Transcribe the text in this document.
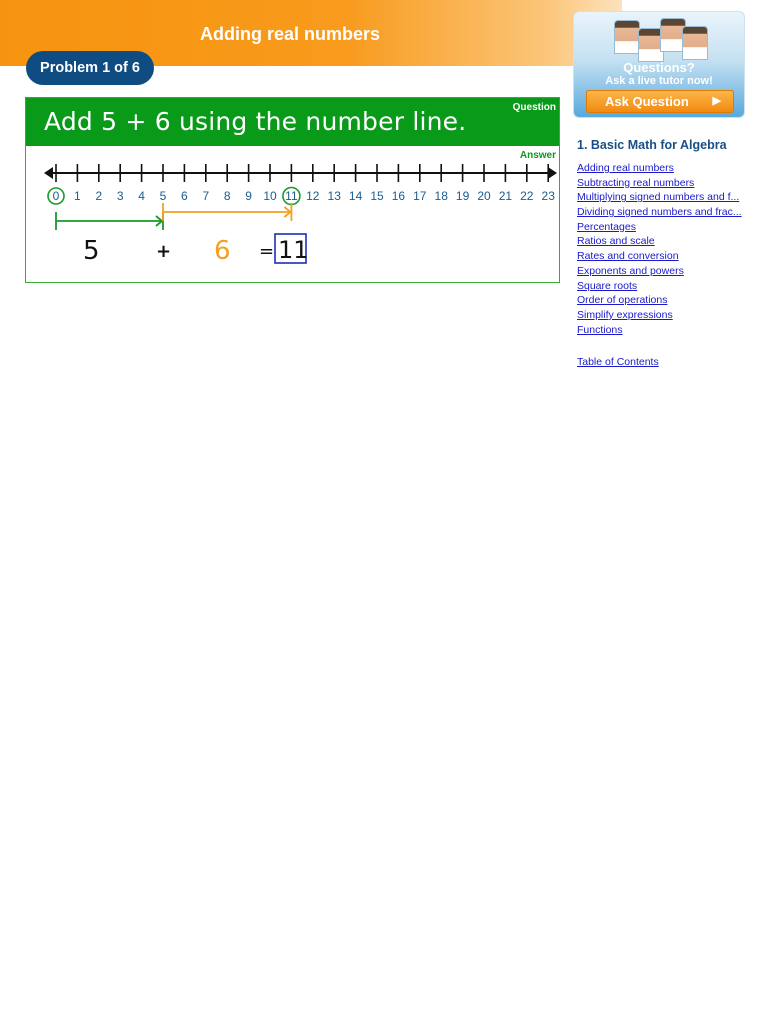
Adding real numbers
Problem 1 of 6
Add 5 + 6 using the number line.	Question
Answer
0 1 2 3 4 5 6 7 8 9 10 11 12 13 14 15 16 17 18 19 20 21 22 23
5	+ 6 = 11
Questions?
Ask a live tutor now!
Ask Question ▶
1. Basic Math for Algebra
Adding real numbers
Subtracting real numbers
Multiplying signed numbers and f...
Dividing signed numbers and frac...
Percentages
Ratios and scale
Rates and conversion
Exponents and powers
Square roots
Order of operations
Simplify expressions
Functions
Table of Contents
